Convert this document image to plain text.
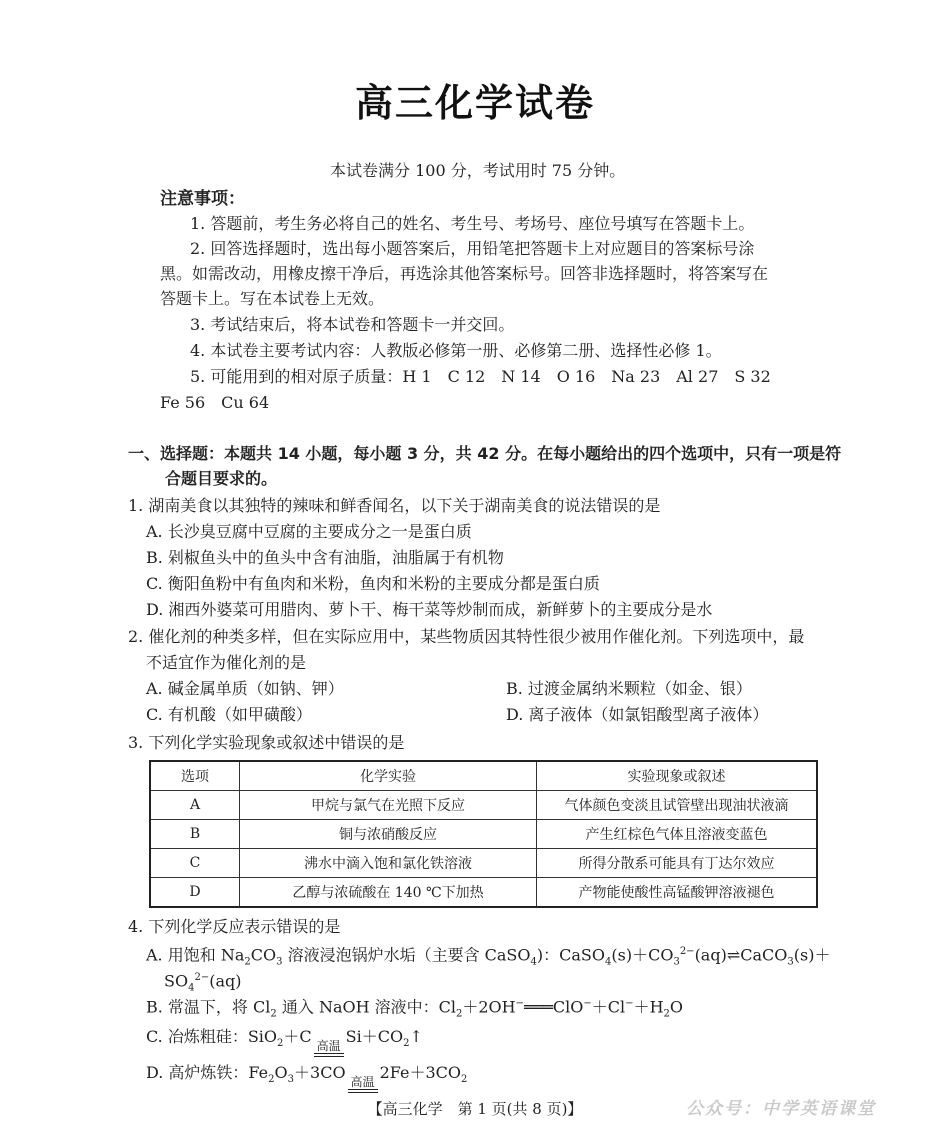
高三化学试卷
本试卷满分 100 分，考试用时 75 分钟。
注意事项：
1. 答题前，考生务必将自己的姓名、考生号、考场号、座位号填写在答题卡上。
2. 回答选择题时，选出每小题答案后，用铅笔把答题卡上对应题目的答案标号涂
黑。如需改动，用橡皮擦干净后，再选涂其他答案标号。回答非选择题时，将答案写在
答题卡上。写在本试卷上无效。
3. 考试结束后，将本试卷和答题卡一并交回。
4. 本试卷主要考试内容：人教版必修第一册、必修第二册、选择性必修 1。
5. 可能用到的相对原子质量：H 1　C 12　N 14　O 16　Na 23　Al 27　S 32
Fe 56　Cu 64
一、选择题：本题共 14 小题，每小题 3 分，共 42 分。在每小题给出的四个选项中，只有一项是符
合题目要求的。
1. 湖南美食以其独特的辣味和鲜香闻名，以下关于湖南美食的说法错误的是
A. 长沙臭豆腐中豆腐的主要成分之一是蛋白质
B. 剁椒鱼头中的鱼头中含有油脂，油脂属于有机物
C. 衡阳鱼粉中有鱼肉和米粉，鱼肉和米粉的主要成分都是蛋白质
D. 湘西外婆菜可用腊肉、萝卜干、梅干菜等炒制而成，新鲜萝卜的主要成分是水
2. 催化剂的种类多样，但在实际应用中，某些物质因其特性很少被用作催化剂。下列选项中，最
不适宜作为催化剂的是
A. 碱金属单质（如钠、钾）	B. 过渡金属纳米颗粒（如金、银）
C. 有机酸（如甲磺酸）	D. 离子液体（如氯铝酸型离子液体）
3. 下列化学实验现象或叙述中错误的是
选项	化学实验	实验现象或叙述
A	甲烷与氯气在光照下反应	气体颜色变淡且试管壁出现油状液滴
B	铜与浓硝酸反应	产生红棕色气体且溶液变蓝色
C	沸水中滴入饱和氯化铁溶液	所得分散系可能具有丁达尔效应
D	乙醇与浓硫酸在 140 ℃下加热	产物能使酸性高锰酸钾溶液褪色
4. 下列化学反应表示错误的是
A. 用饱和 $Na_2CO_3$ 溶液浸泡锅炉水垢（主要含 CaSO$_4$)：$CaSO_4(s)+CO_3^{2-}(aq)\rightleftharpoons CaCO_3(s)+$
$SO_4^{2-}(aq)$
B. 常温下，将 $Cl_2$ 通入 NaOH 溶液中：$Cl_2+2OH^-═══ClO^-+Cl^-+H_2O$
C. 冶炼粗硅：SiO$_2$＋C
高温
$Si+CO_2↑$
D. 高炉炼铁：$Fe_2O_3+3CO$
高温
$2Fe+3CO_2$
【高三化学　第 1 页(共 8 页)】	公众号：中学英语课堂
